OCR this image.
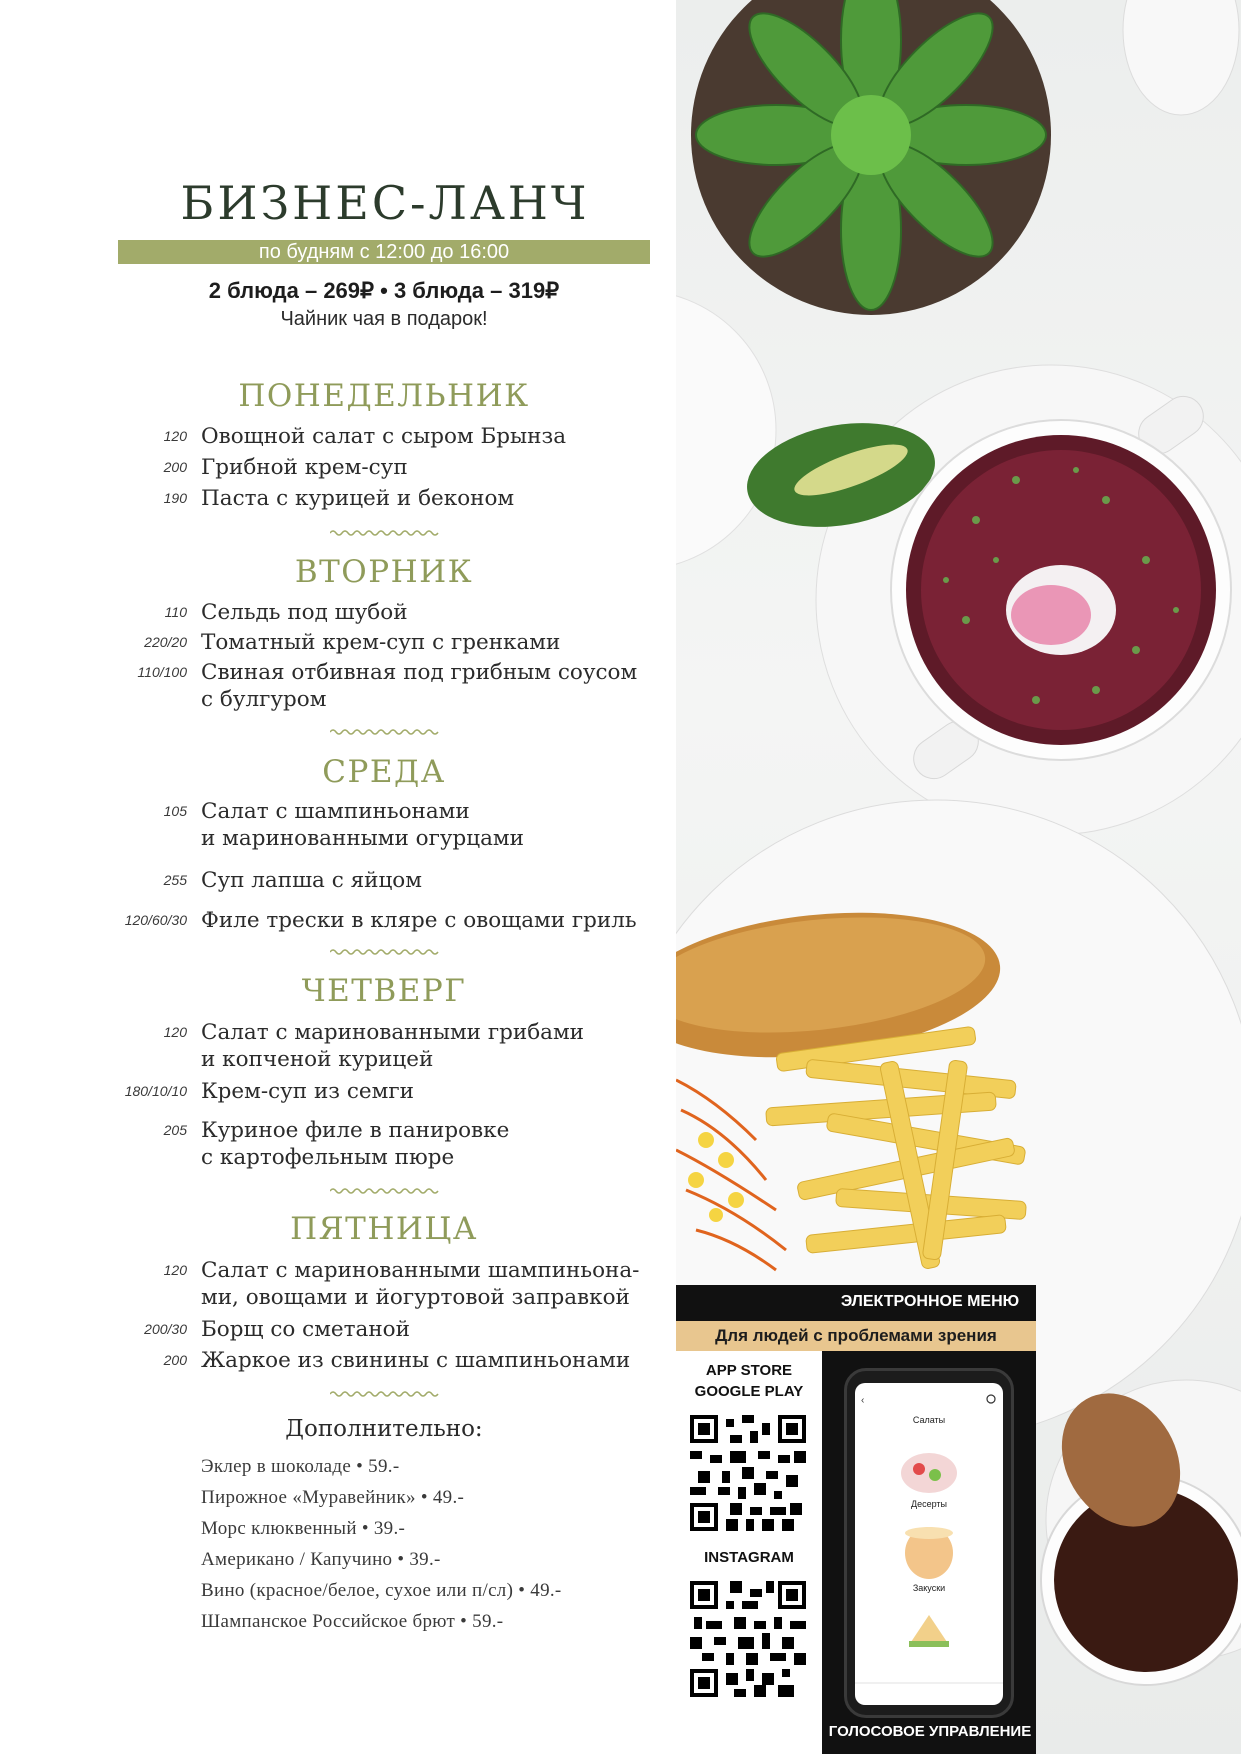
БИЗНЕС-ЛАНЧ
по будням с 12:00 до 16:00
2 блюда – 269₽ • 3 блюда – 319₽
Чайник чая в подарок!
ПОНЕДЕЛЬНИК
120 Овощной салат с сыром Брынза
200 Грибной крем-суп
190 Паста с курицей и беконом
ВТОРНИК
110 Сельдь под шубой
220/20 Томатный крем-суп с гренками
110/100 Свиная отбивная под грибным соусом
с булгуром
СРЕДА
105 Салат с шампиньонами
и маринованными огурцами
255 Суп лапша с яйцом
120/60/30 Филе трески в кляре с овощами гриль
ЧЕТВЕРГ
120 Салат с маринованными грибами
и копченой курицей
180/10/10 Крем-суп из семги
205 Куриное филе в панировке
с картофельным пюре
ПЯТНИЦА
120 Салат с маринованными шампиньона-
ми, овощами и йогуртовой заправкой
200/30 Борщ со сметаной
200 Жаркое из свинины с шампиньонами
Дополнительно:
Эклер в шоколаде • 59.-
Пирожное «Муравейник» • 49.-
Морс клюквенный • 39.-
Американо / Капучино • 39.-
Вино (красное/белое, сухое или п/сл) • 49.-
Шампанское Российское брют • 59.-
ЭЛЕКТРОННОЕ МЕНЮ
Для людей с проблемами зрения
APP STORE
GOOGLE PLAY
INSTAGRAM
‹
Салаты
Десерты
Закуски
ГОЛОСОВОЕ УПРАВЛЕНИЕ
